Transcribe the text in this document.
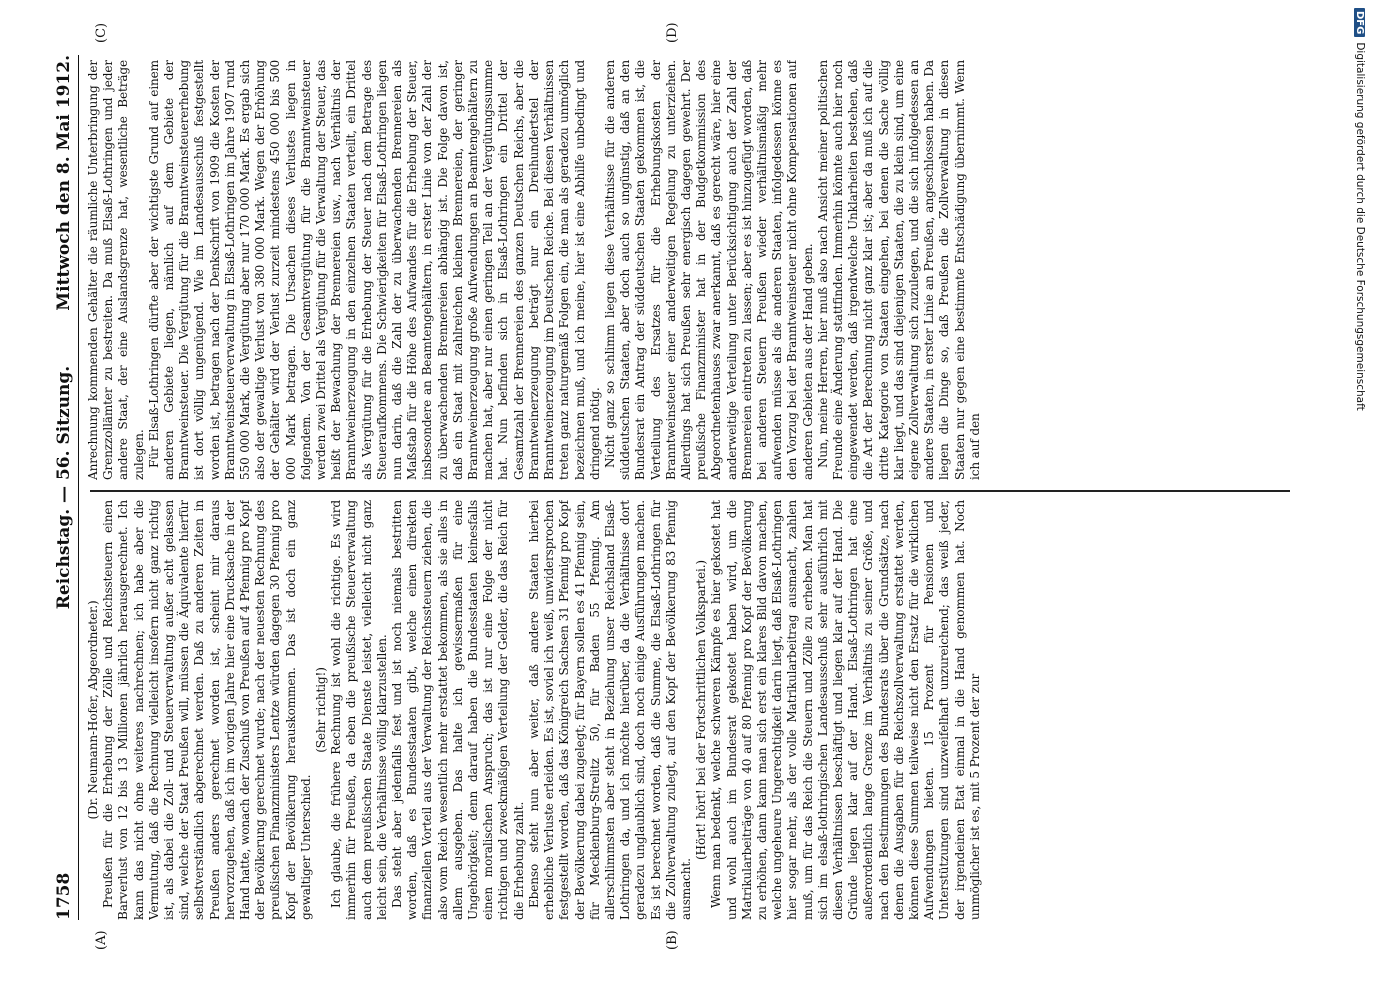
1758
Reichstag. — 56. Sitzung.
Mittwoch den 8. Mai 1912.
(A)	(B)
(C)	(D)

(Dr. Neumann-Hofer, Abgeordneter.) Preußen für die Erhebung der Zölle und Reichssteuern einen Barverlust von 12 bis 13 Millionen jährlich herausgerechnet. Ich kann das nicht ohne weiteres nachrechnen; ich habe aber die Vermutung, daß die Rechnung vielleicht insofern nicht ganz richtig ist, als dabei die Zoll- und Steuerverwaltung außer acht gelassen sind, welche der Staat Preußen will, müssen die Äquivalente hierfür selbstverständlich abgerechnet werden. Daß zu anderen Zeiten in Preußen anders gerechnet worden ist, scheint mir daraus hervorzugehen, daß ich im vorigen Jahre hier eine Drucksache in der Hand hatte, wonach der Zuschuß von Preußen auf 4 Pfennig pro Kopf der Bevölkerung gerechnet wurde; nach der neuesten Rechnung des preußischen Finanzministers Lentze würden dagegen 30 Pfennig pro Kopf der Bevölkerung herauskommen. Das ist doch ein ganz gewaltiger Unterschied.

(Sehr richtig!) Ich glaube, die frühere Rechnung ist wohl die richtige. Es wird immerhin für Preußen, da eben die preußische Steuerverwaltung auch dem preußischen Staate Dienste leistet, vielleicht nicht ganz leicht sein, die Verhältnisse völlig klarzustellen. Das steht aber jedenfalls fest und ist noch niemals bestritten worden, daß es Bundesstaaten gibt, welche einen direkten finanziellen Vorteil aus der Verwaltung der Reichssteuern ziehen, die also vom Reich wesentlich mehr erstattet bekommen, als sie alles in allem ausgeben. Das halte ich gewissermaßen für eine Ungehörigkeit; denn darauf haben die Bundesstaaten keinesfalls einen moralischen Anspruch; das ist nur eine Folge der nicht richtigen und zweckmäßigen Verteilung der Gelder, die das Reich für die Erhebung zahlt. Ebenso steht nun aber weiter, daß andere Staaten hierbei erhebliche Verluste erleiden. Es ist, soviel ich weiß, unwidersprochen festgestellt worden, daß das Königreich Sachsen 31 Pfennig pro Kopf der Bevölkerung dabei zugelegt; für Bayern sollen es 41 Pfennig sein, für Mecklenburg-Strelitz 50, für Baden 55 Pfennig. Am allerschlimmsten aber steht in Beziehung unser Reichsland Elsaß-Lothringen da, und ich möchte hierüber, da die Verhältnisse dort geradezu unglaublich sind, doch noch einige Ausführungen machen. Es ist berechnet worden, daß die Summe, die Elsaß-Lothringen für die Zollverwaltung zulegt, auf den Kopf der Bevölkerung 83 Pfennig ausmacht.

(Hört! hört! bei der Fortschrittlichen Volkspartei.) Wenn man bedenkt, welche schweren Kämpfe es hier gekostet hat und wohl auch im Bundesrat gekostet haben wird, um die Matrikularbeiträge von 40 auf 80 Pfennig pro Kopf der Bevölkerung zu erhöhen, dann kann man sich erst ein klares Bild davon machen, welche ungeheure Ungerechtigkeit darin liegt, daß Elsaß-Lothringen hier sogar mehr, als der volle Matrikularbeitrag ausmacht, zahlen muß, um für das Reich die Steuern und Zölle zu erheben. Man hat sich im elsaß-lothringischen Landesausschuß sehr ausführlich mit diesen Verhältnissen beschäftigt und liegen klar auf der Hand. Die Gründe liegen klar auf der Hand. Elsaß-Lothringen hat eine außerordentlich lange Grenze im Verhältnis zu seiner Größe, und nach den Bestimmungen des Bundesrats über die Grundsätze, nach denen die Ausgaben für die Reichszollverwaltung erstattet werden, können diese Summen teilweise nicht den Ersatz für die wirklichen Aufwendungen bieten. 15 Prozent für Pensionen und Unterstützungen sind unzweifelhaft unzureichend; das weiß jeder, der irgendeinen Etat einmal in die Hand genommen hat. Noch unmöglicher ist es, mit 5 Prozent der zur

Anrechnung kommenden Gehälter die räumliche Unterbringung der Grenzzollämter zu bestreiten. Da muß Elsaß-Lothringen und jeder andere Staat, der eine Auslandsgrenze hat, wesentliche Beträge zulegen. Für Elsaß-Lothringen dürfte aber der wichtigste Grund auf einem anderen Gebiete liegen, nämlich auf dem Gebiete der Branntweinsteuer. Die Vergütung für die Branntweinsteuererhebung ist dort völlig ungenügend. Wie im Landesausschuß festgestellt worden ist, betragen nach der Denkschrift von 1909 die Kosten der Branntweinsteuerverwaltung in Elsaß-Lothringen im Jahre 1907 rund 550 000 Mark, die Vergütung aber nur 170 000 Mark. Es ergab sich also der gewaltige Verlust von 380 000 Mark. Wegen der Erhöhung der Gehälter wird der Verlust zurzeit mindestens 450 000 bis 500 000 Mark betragen. Die Ursachen dieses Verlustes liegen in folgendem. Von der Gesamtvergütung für die Branntweinsteuer werden zwei Drittel als Vergütung für die Verwaltung der Steuer, das heißt der Bewachung der Brennereien usw., nach Verhältnis der Branntweinerzeugung in den einzelnen Staaten verteilt, ein Drittel als Vergütung für die Erhebung der Steuer nach dem Betrage des Steueraufkommens. Die Schwierigkeiten für Elsaß-Lothringen liegen nun darin, daß die Zahl der zu überwachenden Brennereien als Maßstab für die Höhe des Aufwandes für die Erhebung der Steuer, insbesondere an Beamtengehältern, in erster Linie von der Zahl der zu überwachenden Brennereien abhängig ist. Die Folge davon ist, daß ein Staat mit zahlreichen kleinen Brennereien, der geringer Branntweinerzeugung große Aufwendungen an Beamtengehältern zu machen hat, aber nur einen geringen Teil an der Vergütungssumme hat. Nun befinden sich in Elsaß-Lothringen ein Drittel der Gesamtzahl der Brennereien des ganzen Deutschen Reichs, aber die Branntweinerzeugung beträgt nur ein Dreihundertstel der Branntweinerzeugung im Deutschen Reiche. Bei diesen Verhältnissen treten ganz naturgemäß Folgen ein, die man als geradezu unmöglich bezeichnen muß, und ich meine, hier ist eine Abhilfe unbedingt und dringend nötig. Nicht ganz so schlimm liegen diese Verhältnisse für die anderen süddeutschen Staaten, aber doch auch so ungünstig, daß an den Bundesrat ein Antrag der süddeutschen Staaten gekommen ist, die Verteilung des Ersatzes für die Erhebungskosten der Branntweinsteuer einer anderweitigen Regelung zu unterziehen. Allerdings hat sich Preußen sehr energisch dagegen gewehrt. Der preußische Finanzminister hat in der Budgetkommission des Abgeordnetenhauses zwar anerkannt, daß es gerecht wäre, hier eine anderweitige Verteilung unter Berücksichtigung auch der Zahl der Brennereien eintreten zu lassen; aber es ist hinzugefügt worden, daß bei anderen Steuern Preußen wieder verhältnismäßig mehr aufwenden müsse als die anderen Staaten, infolgedessen könne es den Vorzug bei der Branntweinsteuer nicht ohne Kompensationen auf anderen Gebieten aus der Hand geben. Nun, meine Herren, hier muß also nach Ansicht meiner politischen Freunde eine Änderung stattfinden. Immerhin könnte auch hier noch eingewendet werden, daß irgendwelche Unklarheiten bestehen, daß die Art der Berechnung nicht ganz klar ist; aber da muß ich auf die dritte Kategorie von Staaten eingehen, bei denen die Sache völlig klar liegt, und das sind diejenigen Staaten, die zu klein sind, um eine eigene Zollverwaltung sich zuzulegen, und die sich infolgedessen an andere Staaten, in erster Linie an Preußen, angeschlossen haben. Da liegen die Dinge so, daß Preußen die Zollverwaltung in diesen Staaten nur gegen eine bestimmte Entschädigung übernimmt. Wenn ich auf den

DFGDigitalisierung gefördert durch die Deutsche Forschungsgemeinschaft
